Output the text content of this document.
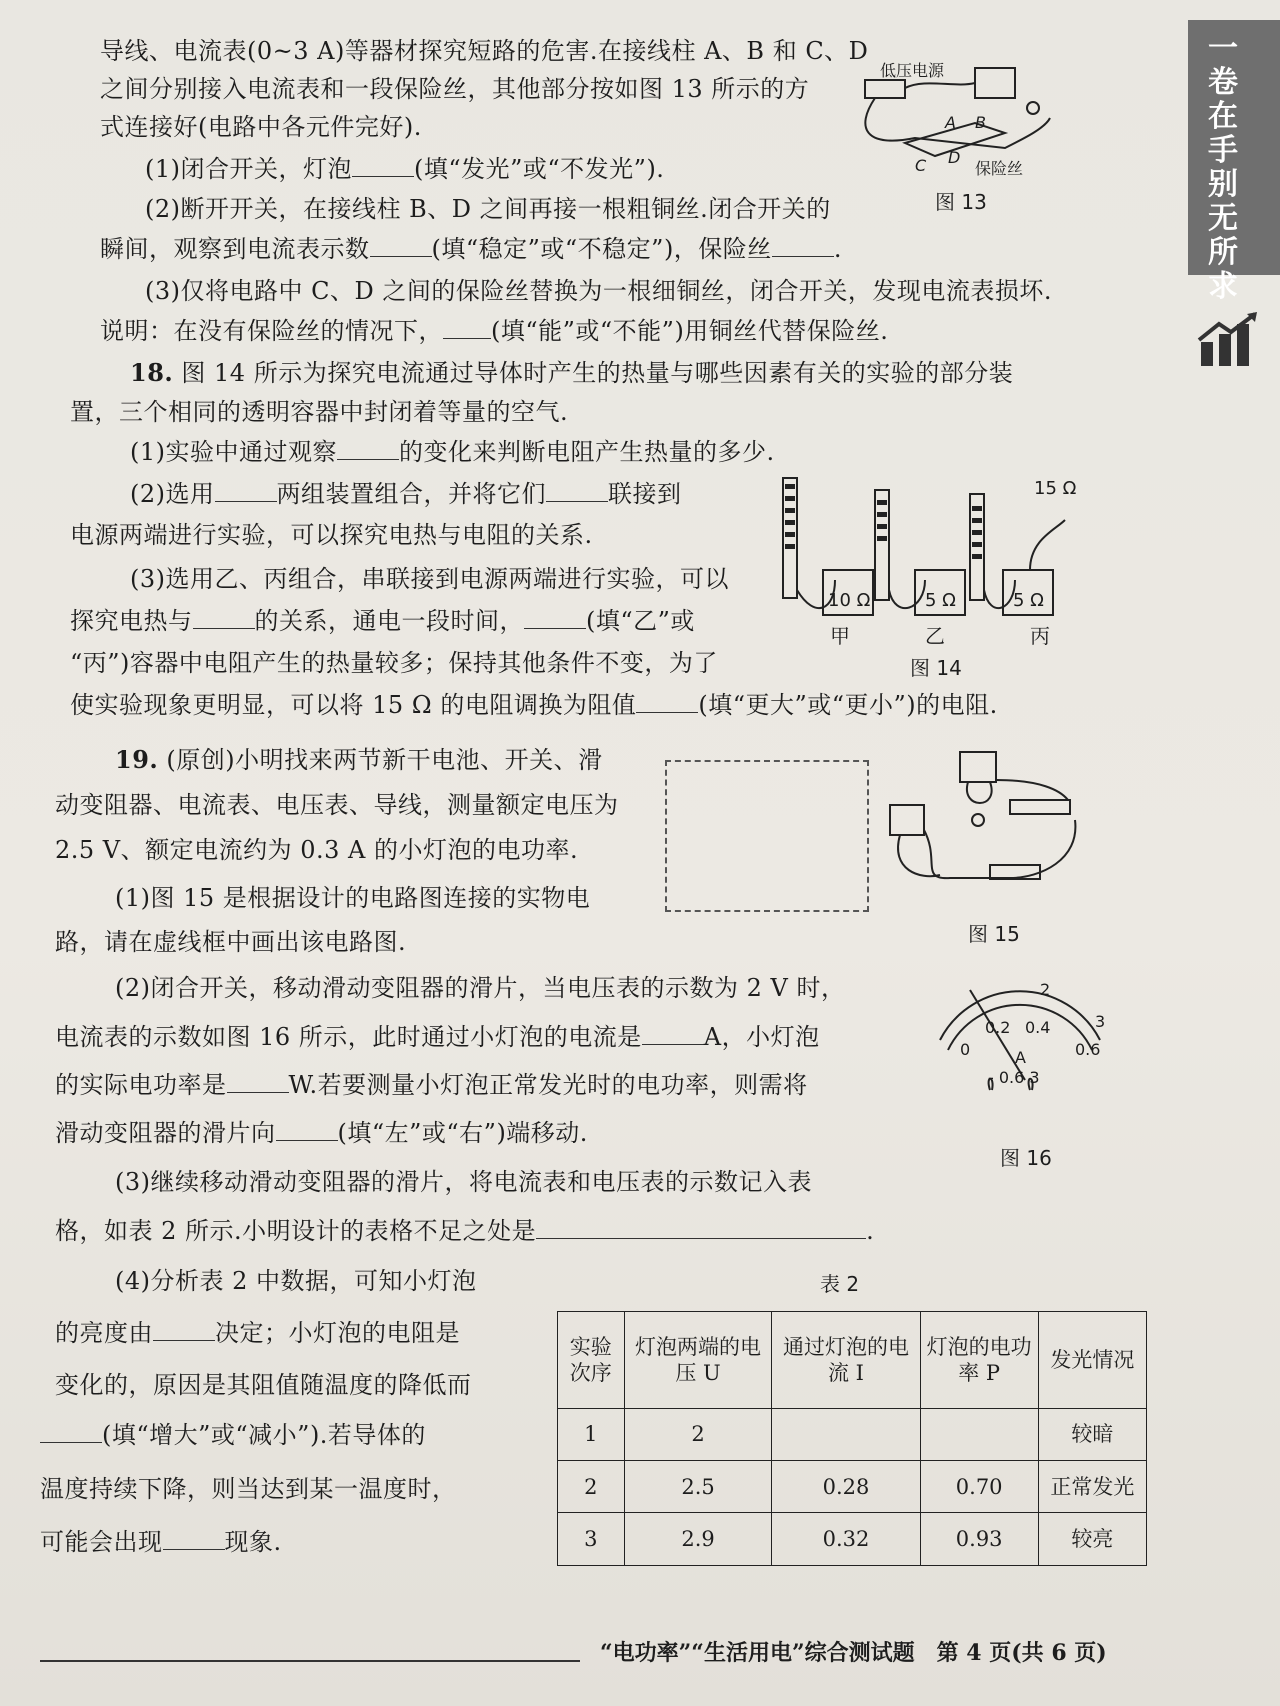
一卷在手 别无所求
导线、电流表(0~3 A)等器材探究短路的危害.在接线柱 A、B 和 C、D
之间分别接入电流表和一段保险丝，其他部分按如图 13 所示的方
式连接好(电路中各元件完好).
(1)闭合开关，灯泡	(填“发光”或“不发光”).
(2)断开开关，在接线柱 B、D 之间再接一根粗铜丝.闭合开关的
瞬间，观察到电流表示数	(填“稳定”或“不稳定”)，保险丝	.
(3)仅将电路中 C、D 之间的保险丝替换为一根细铜丝，闭合开关，发现电流表损坏.
说明：在没有保险丝的情况下， (填“能”或“不能”)用铜丝代替保险丝.
低压电源
保险丝
C D
A B
图 13
18. 图 14 所示为探究电流通过导体时产生的热量与哪些因素有关的实验的部分装
置，三个相同的透明容器中封闭着等量的空气.
(1)实验中通过观察	的变化来判断电阻产生热量的多少.
(2)选用	两组装置组合，并将它们	联接到
电源两端进行实验，可以探究电热与电阻的关系.
(3)选用乙、丙组合，串联接到电源两端进行实验，可以
探究电热与	的关系，通电一段时间，	(填“乙”或
“丙”)容器中电阻产生的热量较多；保持其他条件不变，为了
使实验现象更明显，可以将 15 Ω 的电阻调换为阻值	(填“更大”或“更小”)的电阻.
15 Ω
10 Ω	5 Ω	5 Ω
甲	乙	丙
图 14
19. (原创)小明找来两节新干电池、开关、滑
动变阻器、电流表、电压表、导线，测量额定电压为
2.5 V、额定电流约为 0.3 A 的小灯泡的电功率.
(1)图 15 是根据设计的电路图连接的实物电
路，请在虚线框中画出该电路图.	图 15
(2)闭合开关，移动滑动变阻器的滑片，当电压表的示数为 2 V 时，
电流表的示数如图 16 所示，此时通过小灯泡的电流是	A，小灯泡
的实际电功率是	W.若要测量小灯泡正常发光时的电功率，则需将
滑动变阻器的滑片向	(填“左”或“右”)端移动.
2
3
0
0.2 0.4
0.6
A
- 0.6 3
图 16
(3)继续移动滑动变阻器的滑片，将电流表和电压表的示数记入表
格，如表 2 所示.小明设计的表格不足之处是	.
(4)分析表 2 中数据，可知小灯泡	表 2
的亮度由	决定；小灯泡的电阻是
变化的，原因是其阻值随温度的降低而
(填“增大”或“减小”).若导体的
温度持续下降，则当达到某一温度时，
可能会出现	现象.
实验次序	灯泡两端的电压 U	通过灯泡的电流 I	灯泡的电功率 P	发光情况
1	2			较暗
2	2.5	0.28	0.70	正常发光
3	2.9	0.32	0.93	较亮
“电功率”“生活用电”综合测试题　第 4 页(共 6 页)
